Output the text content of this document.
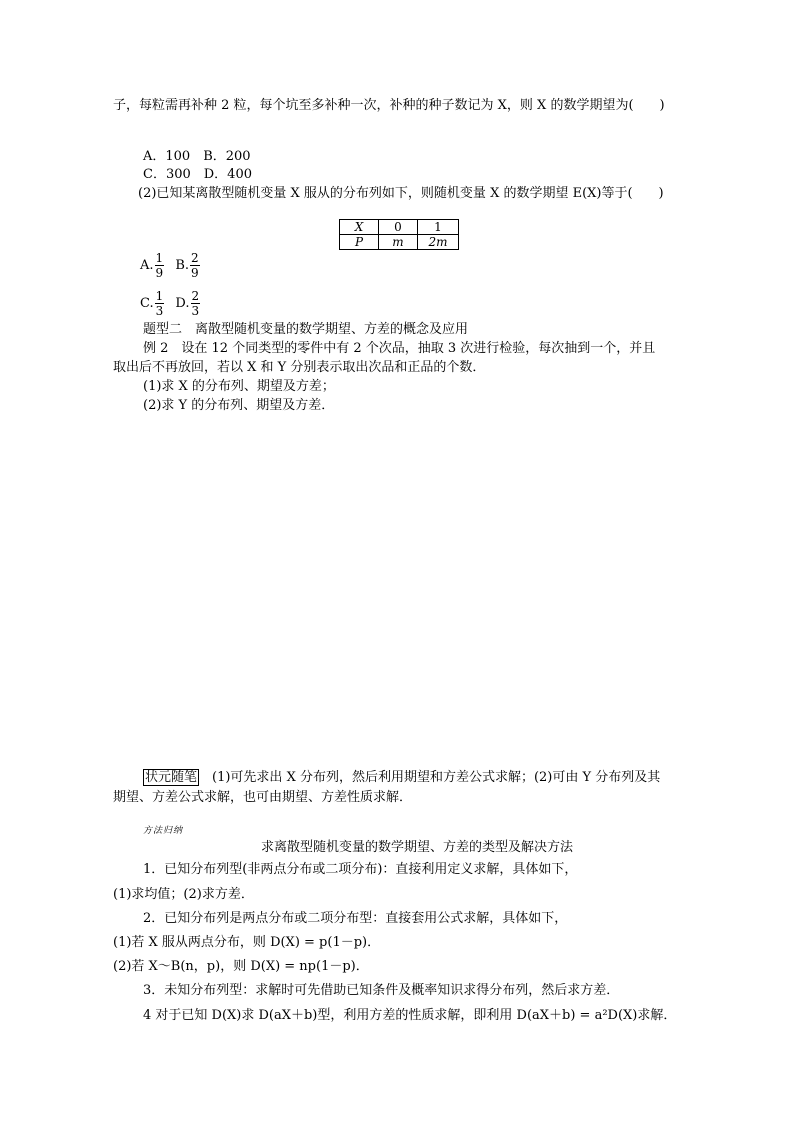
子，每粒需再补种 2 粒，每个坑至多补种一次，补种的种子数记为 X，则 X 的数学期望为(　　)
A．100　B．200
C．300　D．400
(2)已知某离散型随机变量 X 服从的分布列如下，则随机变量 X 的数学期望 E(X)等于(　　)
X	0	1
P	m	2m
A. $\frac{1}{9} B$. $\frac{2}{9}$
C. $\frac{1}{3} D$. $\frac{2}{3}$
题型二　离散型随机变量的数学期望、方差的概念及应用
例 2　设在 12 个同类型的零件中有 2 个次品，抽取 3 次进行检验，每次抽到一个，并且
取出后不再放回，若以 X 和 Y 分别表示取出次品和正品的个数．
(1)求 X 的分布列、期望及方差；
(2)求 Y 的分布列、期望及方差．
状元随笔　(1)可先求出 X 分布列，然后利用期望和方差公式求解；(2)可由 Y 分布列及其
期望、方差公式求解，也可由期望、方差性质求解．
方法归纳
求离散型随机变量的数学期望、方差的类型及解决方法
1．已知分布列型(非两点分布或二项分布)：直接利用定义求解，具体如下，
(1)求均值；(2)求方差．
2．已知分布列是两点分布或二项分布型：直接套用公式求解，具体如下，
(1)若 X 服从两点分布，则 D(X) = p(1－p)．
(2)若 X～B(n，p)，则 D(X) = np(1－p)．
3．未知分布列型：求解时可先借助已知条件及概率知识求得分布列，然后求方差．
4 对于已知 D(X)求 D(aX＋b)型，利用方差的性质求解，即利用 D(aX＋b) = a²D(X)求解．
